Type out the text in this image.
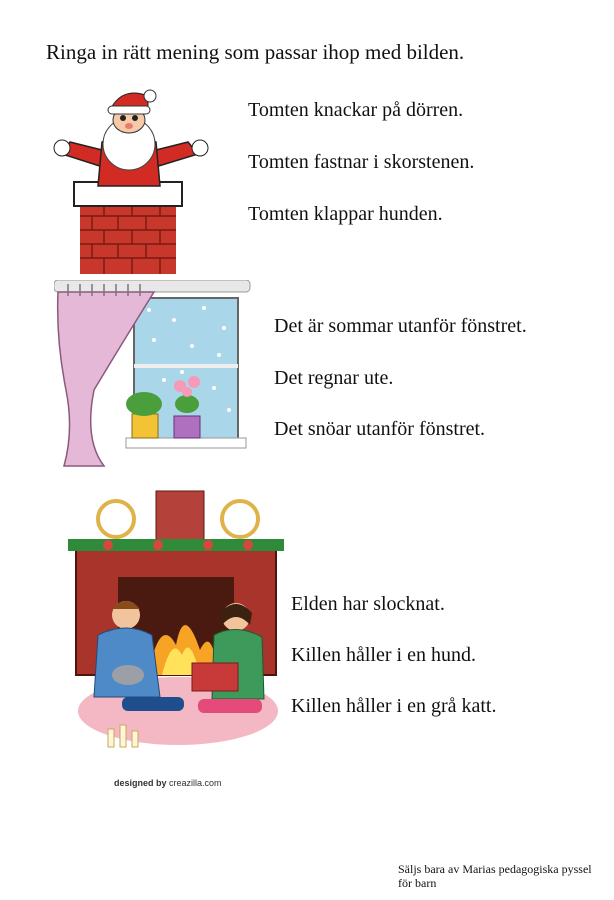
Ringa in rätt mening som passar ihop med bilden.
Tomten knackar på dörren.
Tomten fastnar i skorstenen.
Tomten klappar hunden.
Det är sommar utanför fönstret.
Det regnar ute.
Det snöar utanför fönstret.
designed by creazilla.com
Elden har slocknat.
Killen håller i en hund.
Killen håller i en grå katt.
Säljs bara av Marias pedagogiska pyssel
för barn
